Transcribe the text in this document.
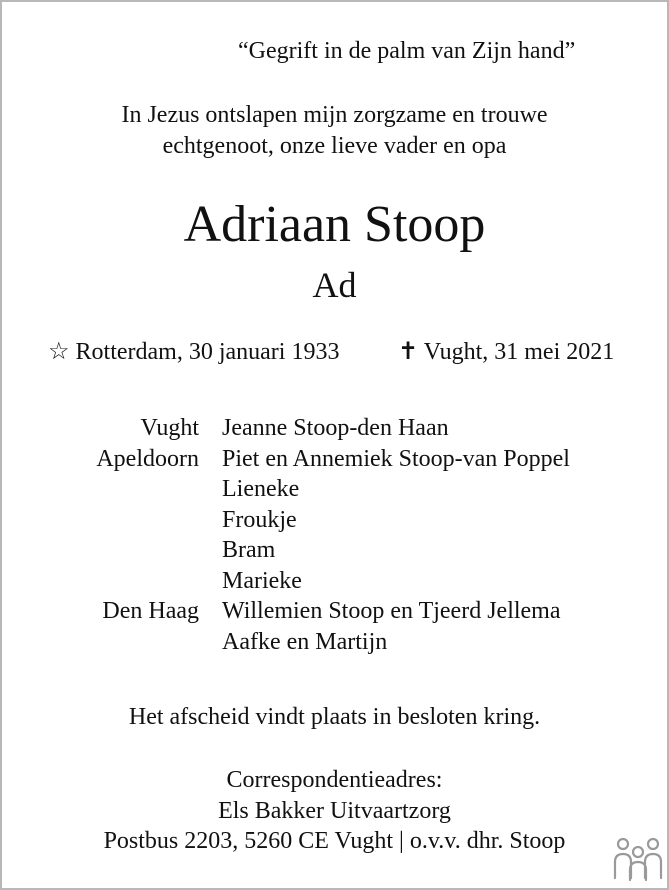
“Gegrift in de palm van Zijn hand”
In Jezus ontslapen mijn zorgzame en trouwe
echtgenoot, onze lieve vader en opa
Adriaan Stoop
Ad
☆ Rotterdam, 30 januari 1933 ✝ Vught, 31 mei 2021
Vught Jeanne Stoop-den Haan
Apeldoorn Piet en Annemiek Stoop-van Poppel
Lieneke
Froukje
Bram
Marieke
Den Haag Willemien Stoop en Tjeerd Jellema
Aafke en Martijn
Het afscheid vindt plaats in besloten kring.
Correspondentieadres:
Els Bakker Uitvaartzorg
Postbus 2203, 5260 CE Vught | o.v.v. dhr. Stoop
